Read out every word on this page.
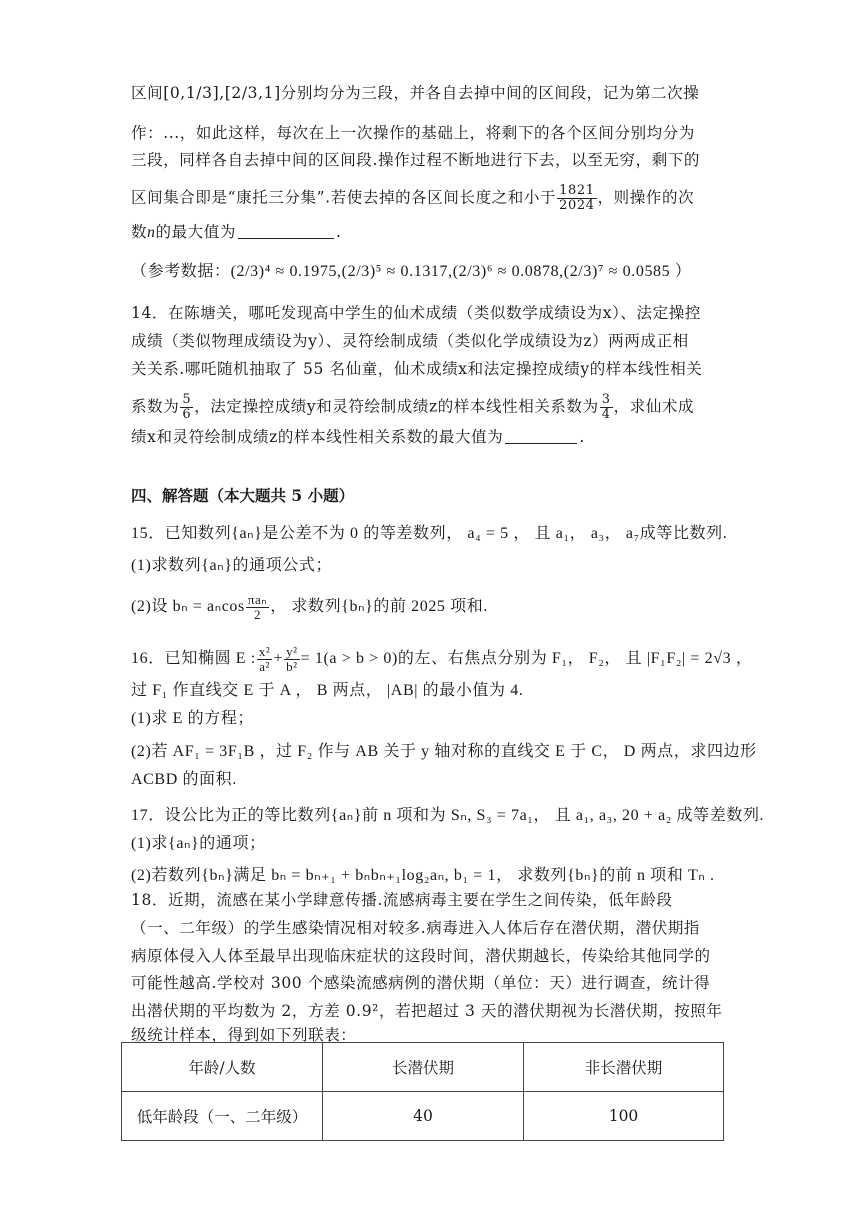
区间[0,1/3],[2/3,1]分别均分为三段，并各自去掉中间的区间段，记为第二次操
作：...，如此这样，每次在上一次操作的基础上，将剩下的各个区间分别均分为
三段，同样各自去掉中间的区间段.操作过程不断地进行下去，以至无穷，剩下的
区间集合即是“康托三分集”.若使去掉的各区间长度之和小于 $\frac{1821}{2024}$ ，则操作的次
数n的最大值为	.
（参考数据：(2/3)⁴ ≈ 0.1975,(2/3)⁵ ≈ 0.1317,(2/3)⁶ ≈ 0.0878,(2/3)⁷ ≈ 0.0585 ）
14．在陈塘关，哪吒发现高中学生的仙术成绩（类似数学成绩设为x）、法定操控
成绩（类似物理成绩设为y）、灵符绘制成绩（类似化学成绩设为z）两两成正相
关关系.哪吒随机抽取了 55 名仙童，仙术成绩x和法定操控成绩y的样本线性相关
系数为 $\frac{5}{6}$ ，法定操控成绩y和灵符绘制成绩z的样本线性相关系数为 $\frac{3}{4}$ ，求仙术成
绩x和灵符绘制成绩z的样本线性相关系数的最大值为	.
四、解答题（本大题共 5 小题）
15．已知数列{aₙ}是公差不为 0 的等差数列， a₄ = 5 ， 且 a₁， a₃， a₇成等比数列.
(1)求数列{aₙ}的通项公式；
(2)设 bₙ = aₙcos $\frac{\text{πaₙ}}{2}$ ， 求数列{bₙ}的前 2025 项和.
16．已知椭圆 E : $\frac{\text{x²}}{\text{a²}} + \frac{\text{y²}}{\text{b²}} = 1(a > b > 0)$的左、右焦点分别为 F₁， F₂， 且 |F₁F₂| = 2√3 ，
过 F₁ 作直线交 E 于 A ， B 两点， |AB| 的最小值为 4.
(1)求 E 的方程；
(2)若 AF₁ = 3F₁B ，过 F₂ 作与 AB 关于 y 轴对称的直线交 E 于 C， D 两点，求四边形
ACBD 的面积.
17．设公比为正的等比数列{aₙ}前 n 项和为 Sₙ, S₃ = 7a₁， 且 a₁, a₃, 20 + a₂ 成等差数列.
(1)求{aₙ}的通项；
(2)若数列{bₙ}满足 bₙ = bₙ₊₁ + bₙbₙ₊₁log₂aₙ, b₁ = 1， 求数列{bₙ}的前 n 项和 Tₙ .
18．近期，流感在某小学肆意传播.流感病毒主要在学生之间传染，低年龄段
（一、二年级）的学生感染情况相对较多.病毒进入人体后存在潜伏期，潜伏期指
病原体侵入人体至最早出现临床症状的这段时间，潜伏期越长，传染给其他同学的
可能性越高.学校对 300 个感染流感病例的潜伏期（单位：天）进行调查，统计得
出潜伏期的平均数为 2，方差 0.9²，若把超过 3 天的潜伏期视为长潜伏期，按照年
级统计样本，得到如下列联表：
年龄/人数	长潜伏期	非长潜伏期
低年龄段（一、二年级）	40	100
